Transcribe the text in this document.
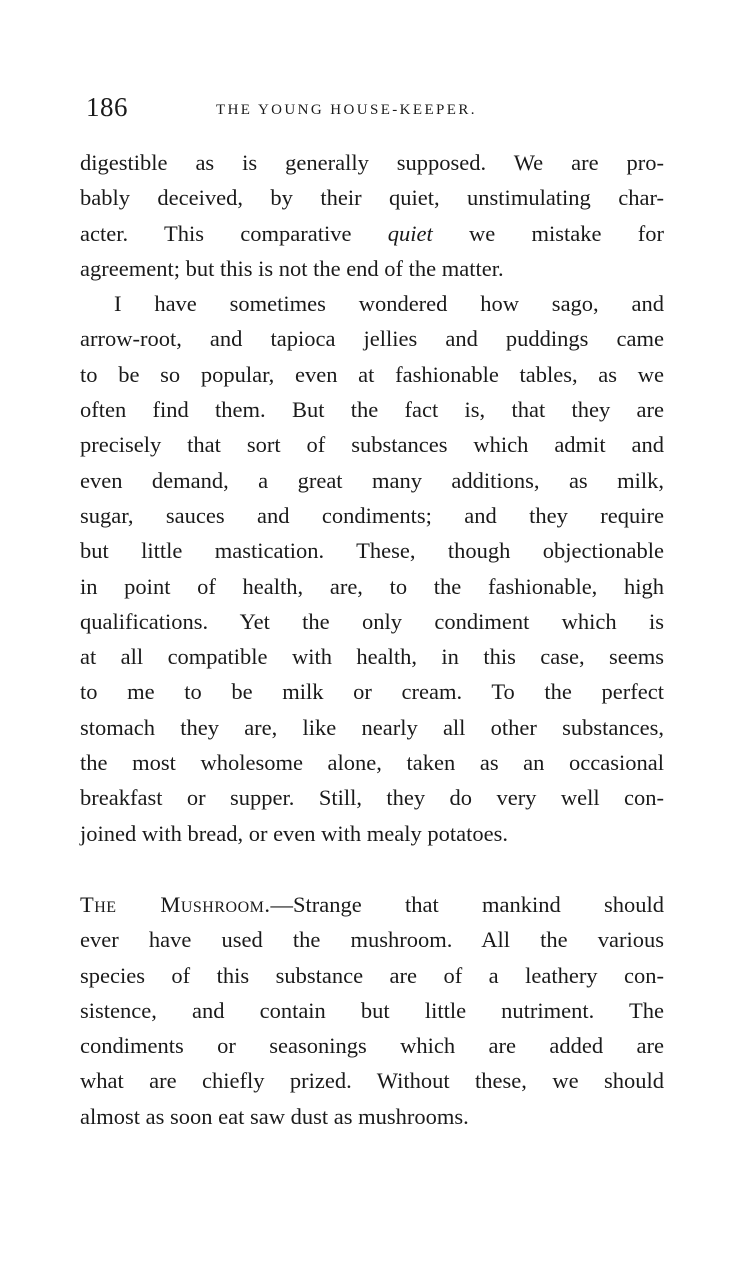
186	THE YOUNG HOUSE-KEEPER.
digestible as is generally supposed. We are pro-
bably deceived, by their quiet, unstimulating char-
acter. This comparative quiet we mistake for
agreement; but this is not the end of the matter.
I have sometimes wondered how sago, and
arrow-root, and tapioca jellies and puddings came
to be so popular, even at fashionable tables, as we
often find them. But the fact is, that they are
precisely that sort of substances which admit and
even demand, a great many additions, as milk,
sugar, sauces and condiments; and they require
but little mastication. These, though objectionable
in point of health, are, to the fashionable, high
qualifications. Yet the only condiment which is
at all compatible with health, in this case, seems
to me to be milk or cream. To the perfect
stomach they are, like nearly all other substances,
the most wholesome alone, taken as an occasional
breakfast or supper. Still, they do very well con-
joined with bread, or even with mealy potatoes.
The Mushroom.—Strange that mankind should
ever have used the mushroom. All the various
species of this substance are of a leathery con-
sistence, and contain but little nutriment. The
condiments or seasonings which are added are
what are chiefly prized. Without these, we should
almost as soon eat saw dust as mushrooms.
